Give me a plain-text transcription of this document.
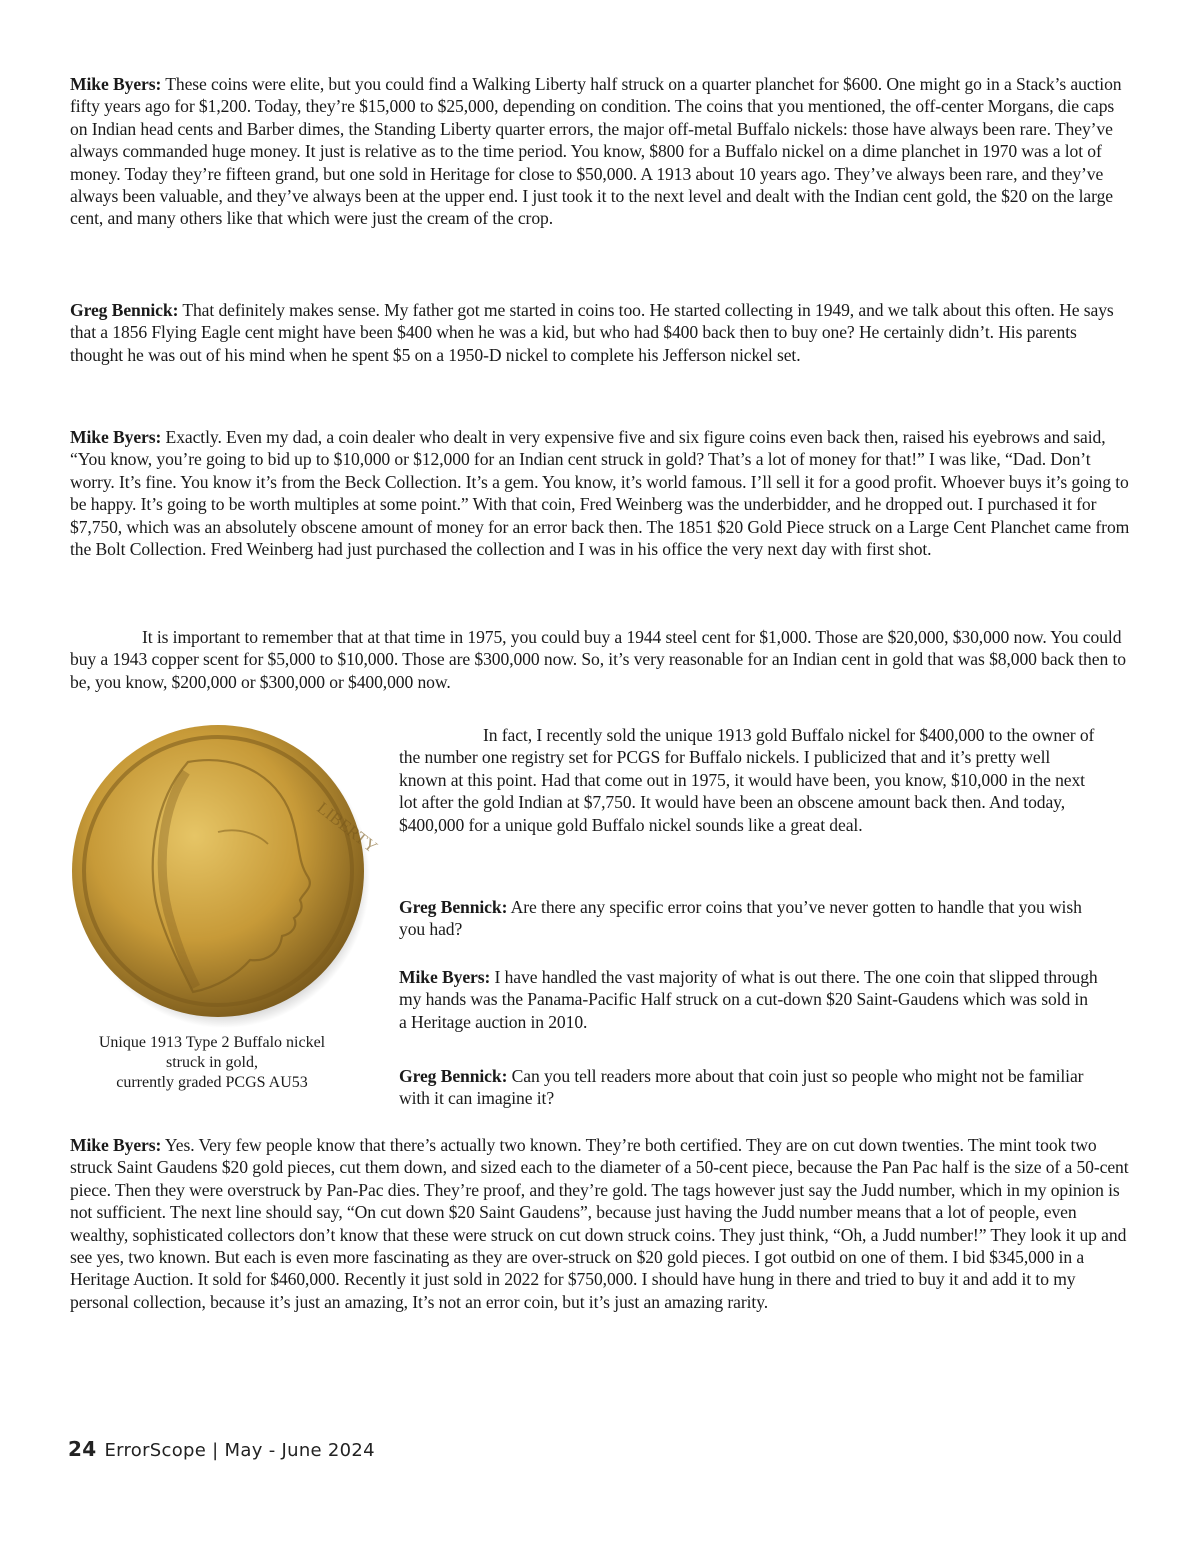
Mike Byers: These coins were elite, but you could find a Walking Liberty half struck on a quarter planchet for $600. One might go in a Stack’s auction fifty years ago for $1,200. Today, they’re $15,000 to $25,000, depending on condition. The coins that you mentioned, the off-center Morgans, die caps on Indian head cents and Barber dimes, the Standing Liberty quarter errors, the major off-metal Buffalo nickels: those have always been rare. They’ve always commanded huge money. It just is relative as to the time period. You know, $800 for a Buffalo nickel on a dime planchet in 1970 was a lot of money. Today they’re fifteen grand, but one sold in Heritage for close to $50,000. A 1913 about 10 years ago. They’ve always been rare, and they’ve always been valuable, and they’ve always been at the upper end. I just took it to the next level and dealt with the Indian cent gold, the $20 on the large cent, and many others like that which were just the cream of the crop.

Greg Bennick: That definitely makes sense. My father got me started in coins too. He started collecting in 1949, and we talk about this often. He says that a 1856 Flying Eagle cent might have been $400 when he was a kid, but who had $400 back then to buy one? He certainly didn’t. His parents thought he was out of his mind when he spent $5 on a 1950-D nickel to complete his Jefferson nickel set.

Mike Byers: Exactly. Even my dad, a coin dealer who dealt in very expensive five and six figure coins even back then, raised his eyebrows and said, “You know, you’re going to bid up to $10,000 or $12,000 for an Indian cent struck in gold? That’s a lot of money for that!” I was like, “Dad. Don’t worry. It’s fine. You know it’s from the Beck Collection. It’s a gem. You know, it’s world famous. I’ll sell it for a good profit. Whoever buys it’s going to be happy. It’s going to be worth multiples at some point.” With that coin, Fred Weinberg was the underbidder, and he dropped out. I purchased it for $7,750, which was an absolutely obscene amount of money for an error back then. The 1851 $20 Gold Piece struck on a Large Cent Planchet came from the Bolt Collection. Fred Weinberg had just purchased the collection and I was in his office the very next day with first shot.

It is important to remember that at that time in 1975, you could buy a 1944 steel cent for $1,000. Those are $20,000, $30,000 now. You could buy a 1943 copper scent for $5,000 to $10,000. Those are $300,000 now. So, it’s very reasonable for an Indian cent in gold that was $8,000 back then to be, you know, $200,000 or $300,000 or $400,000 now.

LIBERTY
Unique 1913 Type 2 Buffalo nickel
struck in gold,
currently graded PCGS AU53

In fact, I recently sold the unique 1913 gold Buffalo nickel for $400,000 to the owner of the number one registry set for PCGS for Buffalo nickels. I publicized that and it’s pretty well known at this point. Had that come out in 1975, it would have been, you know, $10,000 in the next lot after the gold Indian at $7,750. It would have been an obscene amount back then. And today, $400,000 for a unique gold Buffalo nickel sounds like a great deal.

Greg Bennick: Are there any specific error coins that you’ve never gotten to handle that you wish you had?

Mike Byers: I have handled the vast majority of what is out there. The one coin that slipped through my hands was the Panama-Pacific Half struck on a cut-down $20 Saint-Gaudens which was sold in a Heritage auction in 2010.

Greg Bennick: Can you tell readers more about that coin just so people who might not be familiar with it can imagine it?

Mike Byers: Yes. Very few people know that there’s actually two known. They’re both certified. They are on cut down twenties. The mint took two struck Saint Gaudens $20 gold pieces, cut them down, and sized each to the diameter of a 50-cent piece, because the Pan Pac half is the size of a 50-cent piece. Then they were overstruck by Pan-Pac dies. They’re proof, and they’re gold. The tags however just say the Judd number, which in my opinion is not sufficient. The next line should say, “On cut down $20 Saint Gaudens”, because just having the Judd number means that a lot of people, even wealthy, sophisticated collectors don’t know that these were struck on cut down struck coins. They just think, “Oh, a Judd number!” They look it up and see yes, two known. But each is even more fascinating as they are over-struck on $20 gold pieces. I got outbid on one of them. I bid $345,000 in a Heritage Auction. It sold for $460,000. Recently it just sold in 2022 for $750,000. I should have hung in there and tried to buy it and add it to my personal collection, because it’s just an amazing, It’s not an error coin, but it’s just an amazing rarity.

24 ErrorScope | May - June 2024
